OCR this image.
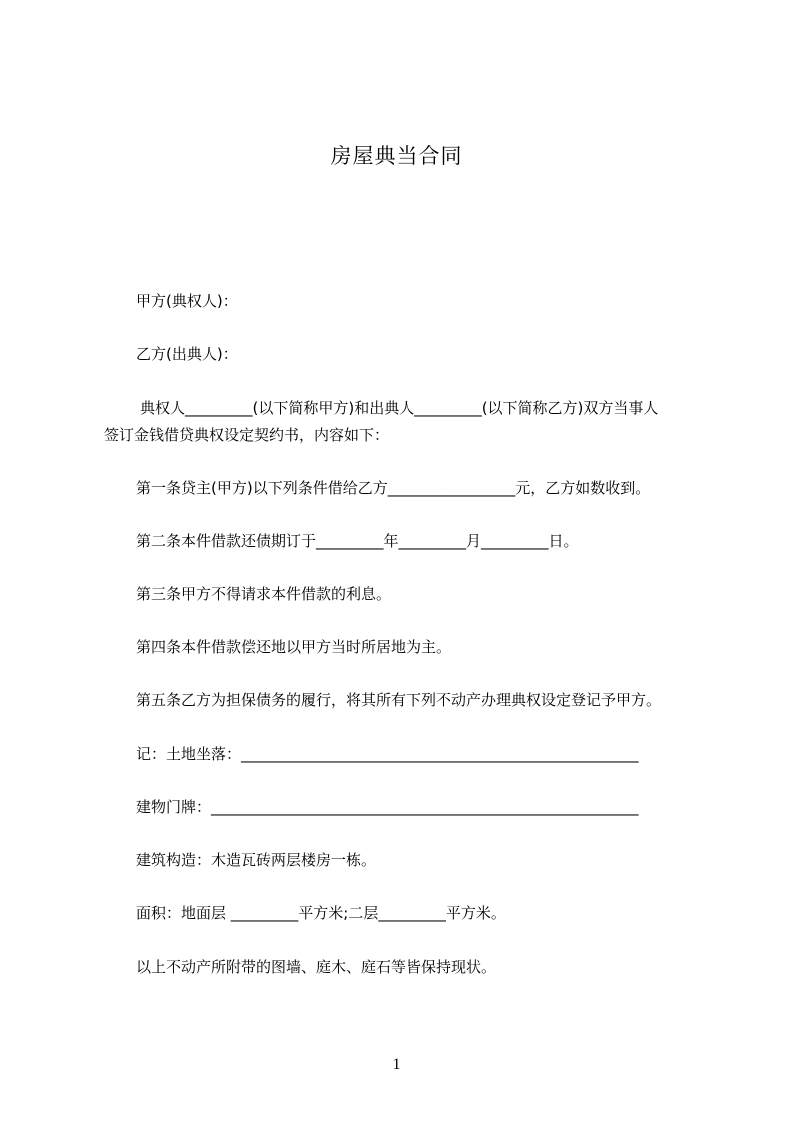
房屋典当合同
甲方(典权人)：
乙方(出典人)：
典权人_________(以下简称甲方)和出典人_________(以下简称乙方)双方当事人
签订金钱借贷典权设定契约书，内容如下：
第一条贷主(甲方)以下列条件借给乙方_________________元，乙方如数收到。
第二条本件借款还债期订于_________年_________月_________日。
第三条甲方不得请求本件借款的利息。
第四条本件借款偿还地以甲方当时所居地为主。
第五条乙方为担保债务的履行，将其所有下列不动产办理典权设定登记予甲方。
记：土地坐落：_____________________________________________________
建物门牌：_________________________________________________________
建筑构造：木造瓦砖两层楼房一栋。
面积：地面层 _________平方米;二层_________平方米。
以上不动产所附带的图墙、庭木、庭石等皆保持现状。
1
